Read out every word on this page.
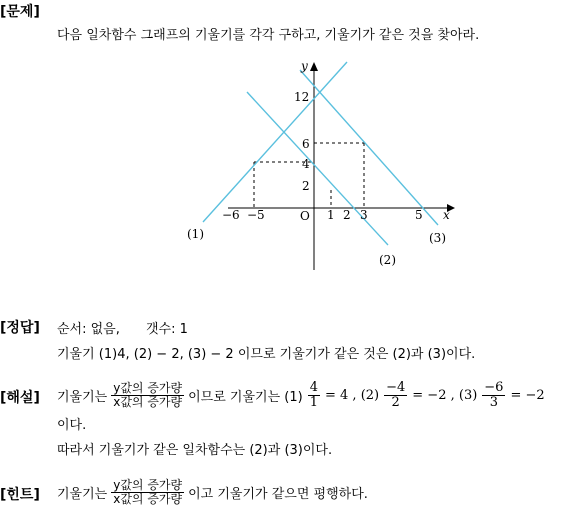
[문제]
다음 일차함수 그래프의 기울기를 각각 구하고, 기울기가 같은 것을 찾아라.
y
x
O
12
6
4
2
−6 −5	1 2 3	5
(1)
(2)
(3)
[정답] 순서: 없음, 갯수: 1
기울기 (1)4, (2) − 2, (3) − 2 이므로 기울기가 같은 것은 (2)과 (3)이다.
[해설] 기울기는 $\frac{\text{y값의 증가량}}{\text{x값의 증가량}}$ 이므로 기울기는 $(1) \frac{4}{1} = 4$ , $(2) \frac{-4}{2} = -2$ , $(3) \frac{-6}{3} = -2$
이다.
따라서 기울기가 같은 일차함수는 (2)과 (3)이다.
[힌트] 기울기는 $\frac{\text{y값의 증가량}}{\text{x값의 증가량}}$ 이고 기울기가 같으면 평행하다.
